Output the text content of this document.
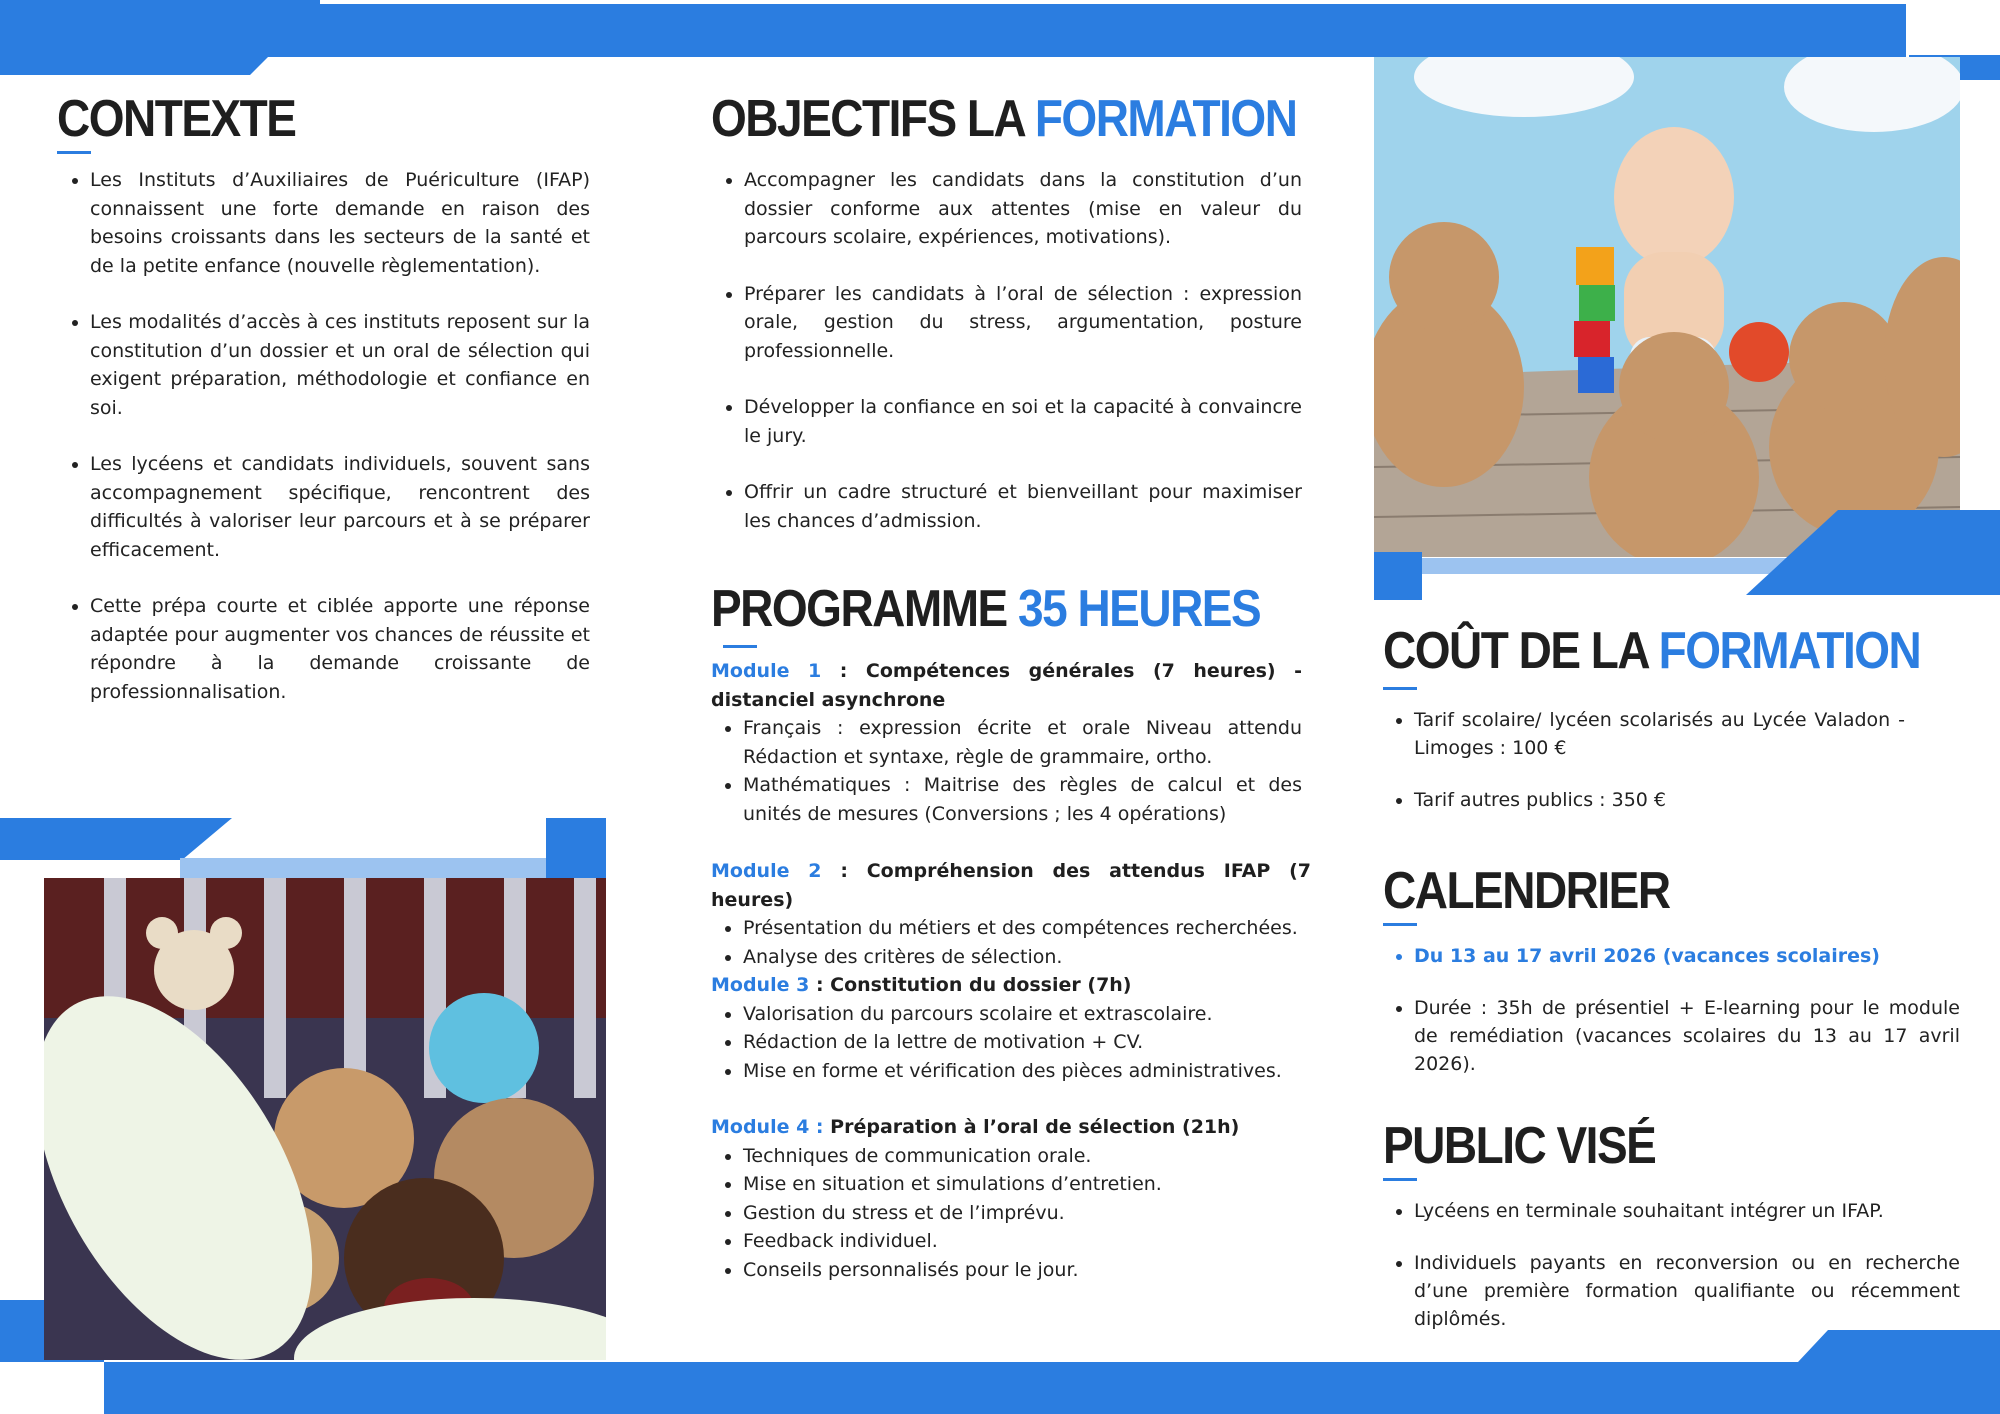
CONTEXTE
• Les Instituts d’Auxiliaires de Puériculture (IFAP) connaissent une forte demande en raison des besoins croissants dans les secteurs de la santé et de la petite enfance (nouvelle règlementation).
• Les modalités d’accès à ces instituts reposent sur la constitution d’un dossier et un oral de sélection qui exigent préparation, méthodologie et confiance en soi.
• Les lycéens et candidats individuels, souvent sans accompagnement spécifique, rencontrent des difficultés à valoriser leur parcours et à se préparer efficacement.
• Cette prépa courte et ciblée apporte une réponse adaptée pour augmenter vos chances de réussite et répondre à la demande croissante de professionnalisation.
OBJECTIFS LA FORMATION
• Accompagner les candidats dans la constitution d’un dossier conforme aux attentes (mise en valeur du parcours scolaire, expériences, motivations).
• Préparer les candidats à l’oral de sélection : expression orale, gestion du stress, argumentation, posture professionnelle.
• Développer la confiance en soi et la capacité à convaincre le jury.
• Offrir un cadre structuré et bienveillant pour maximiser les chances d’admission.
PROGRAMME 35 HEURES
Module 1 : Compétences générales (7 heures) - distanciel asynchrone
• Français : expression écrite et orale Niveau attendu Rédaction et syntaxe, règle de grammaire, ortho.
• Mathématiques : Maitrise des règles de calcul et des unités de mesures (Conversions ; les 4 opérations)
Module 2 : Compréhension des attendus IFAP (7 heures)
• Présentation du métiers et des compétences recherchées.
• Analyse des critères de sélection.
Module 3 : Constitution du dossier (7h)
• Valorisation du parcours scolaire et extrascolaire.
• Rédaction de la lettre de motivation + CV.
• Mise en forme et vérification des pièces administratives.
Module 4 : Préparation à l’oral de sélection (21h)
• Techniques de communication orale.
• Mise en situation et simulations d’entretien.
• Gestion du stress et de l’imprévu.
• Feedback individuel.
• Conseils personnalisés pour le jour.
COÛT DE LA FORMATION
• Tarif scolaire/ lycéen scolarisés au Lycée Valadon - Limoges : 100 €
• Tarif autres publics : 350 €
CALENDRIER
• Du 13 au 17 avril 2026 (vacances scolaires)
• Durée : 35h de présentiel + E-learning pour le module de remédiation (vacances scolaires du 13 au 17 avril 2026).
PUBLIC VISÉ
• Lycéens en terminale souhaitant intégrer un IFAP.
• Individuels payants en reconversion ou en recherche d’une première formation qualifiante ou récemment diplômés.
